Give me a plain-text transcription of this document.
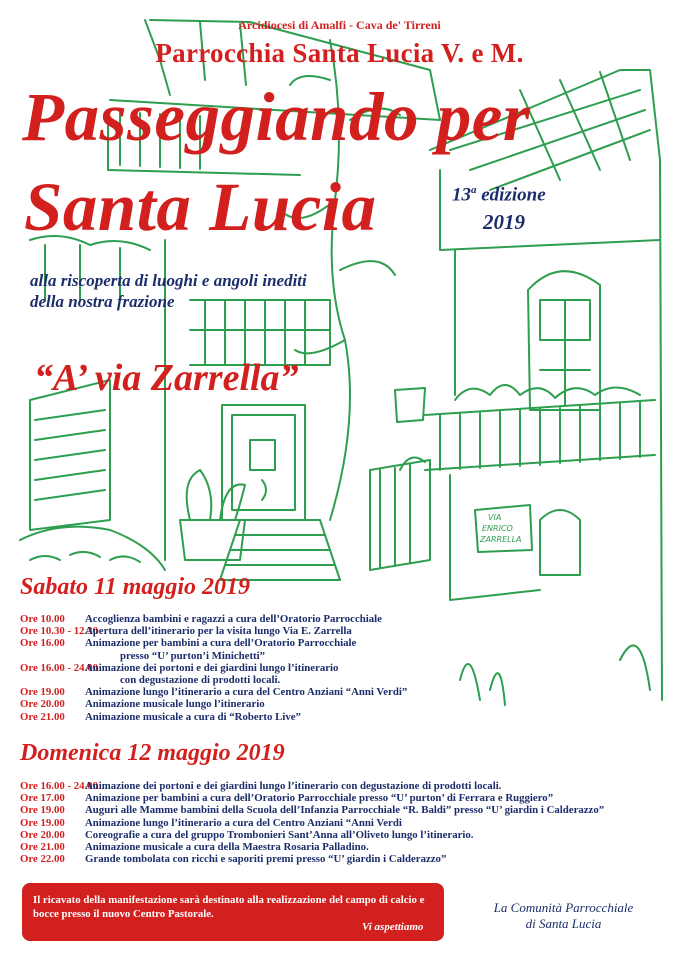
VIA
ENRICO
ZARRELLA
Arcidiocesi di Amalfi - Cava de' Tirreni
Parrocchia Santa Lucia V. e M.
Passeggiando per
Santa Lucia	13$^a$ edizione
2019
alla riscoperta di luoghi e angoli inediti
della nostra frazione
“A’ via Zarrella”
Sabato 11 maggio 2019
Ore 10.00 Accoglienza bambini e ragazzi a cura dell’Oratorio Parrocchiale
Ore 10.30 - 12.30
Apertura dell’itinerario per la visita lungo Via E. Zarrella
Ore 16.00 Animazione per bambini a cura dell’Oratorio Parrocchiale
presso “U’ purton’i Minichetti”
Ore 16.00 - 24.00
Animazione dei portoni e dei giardini lungo l’itinerario
con degustazione di prodotti locali.
Ore 19.00 Animazione lungo l’itinerario a cura del Centro Anziani “Anni Verdi”
Ore 20.00 Animazione musicale lungo l’itinerario
Ore 21.00 Animazione musicale a cura di “Roberto Live”
Domenica 12 maggio 2019
Ore 16.00 - 24.00
Animazione dei portoni e dei giardini lungo l’itinerario con degustazione di prodotti locali.
Ore 17.00 Animazione per bambini a cura dell’Oratorio Parrocchiale presso “U’ purton’ di Ferrara e Ruggiero”
Ore 19.00 Auguri alle Mamme bambini della Scuola dell’Infanzia Parrocchiale “R. Baldi” presso “U’ giardin i Calderazzo”
Ore 19.00 Animazione lungo l’itinerario a cura del Centro Anziani “Anni Verdi
Ore 20.00 Coreografie a cura del gruppo Trombonieri Sant’Anna all’Oliveto lungo l’itinerario.
Ore 21.00 Animazione musicale a cura della Maestra Rosaria Palladino.
Ore 22.00 Grande tombolata con ricchi e saporiti premi presso “U’ giardin i Calderazzo”
Il ricavato della manifestazione sarà destinato alla realizzazione del campo di calcio e bocce presso il nuovo Centro Pastorale.
Vi aspettiamo
La Comunità Parrocchiale
di Santa Lucia
